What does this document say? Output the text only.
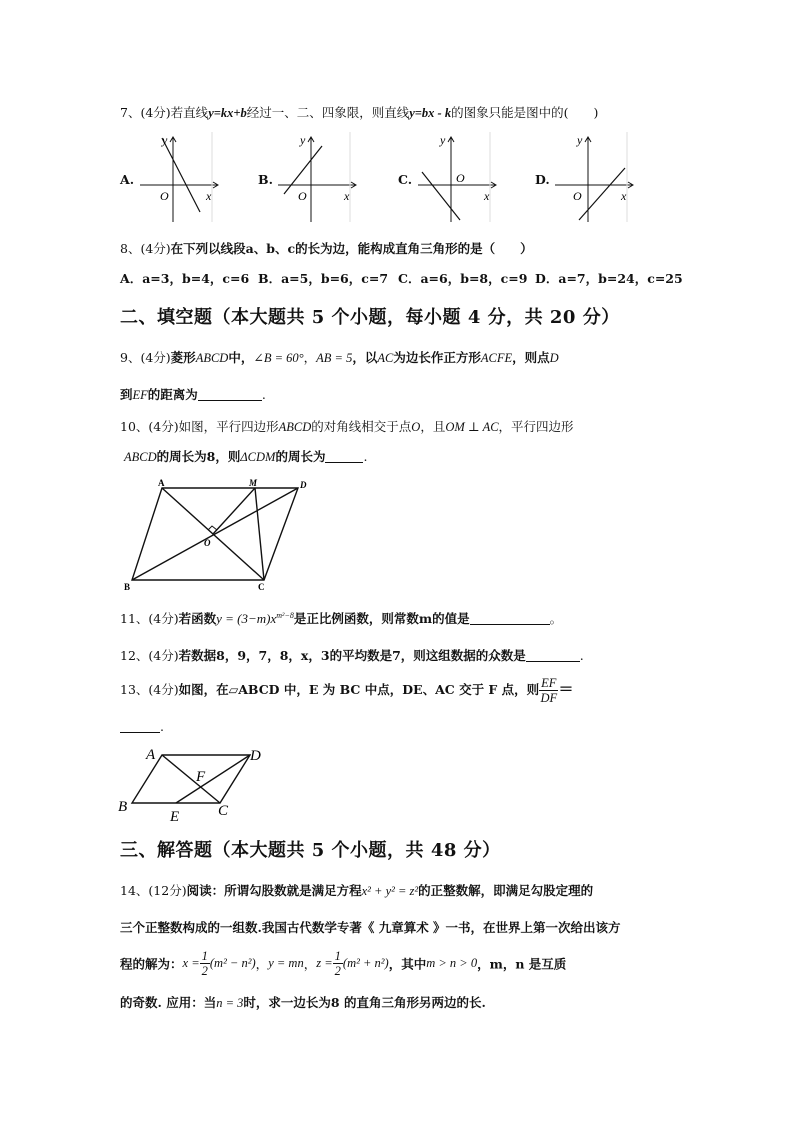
7、(4分)若直线y=kx+b经过一、二、四象限，则直线y=bx - k的图象只能是图中的(　　)
A.
y
O	x
B.
y
O	x
C.
y
O
x
D.
y
O	x
8、(4分)在下列以线段a、b、c的长为边，能构成直角三角形的是（　　）
A．a=3，b=4，c=6 B．a=5，b=6，c=7 C．a=6，b=8，c=9 D．a=7，b=24，c=25
二、填空题（本大题共 5 个小题，每小题 4 分，共 20 分）
9、(4分)菱形ABCD中，∠B = 60°，AB = 5，以AC为边长作正方形ACFE，则点D
到EF的距离为	.
10、(4分)如图，平行四边形ABCD的对角线相交于点O，且OM ⊥ AC，平行四边形
ABCD的周长为8，则ΔCDM的周长为	.
A	M	D
O
B	C
11、(4分)若函数$y = (3-m)x^{m^2-8}$是正比例函数，则常数m的值是	。
12、(4分)若数据8，9，7，8，x，3的平均数是7，则这组数据的众数是	.
13、(4分)如图，在▱ABCD 中，E 为 BC 中点，DE、AC 交于 F 点，则 $\frac{EF}{DF}$ ＝
.
A	D
F
B
E	C
三、解答题（本大题共 5 个小题，共 48 分）
14、(12分)阅读：所谓勾股数就是满足方程x² + y² = z²的正整数解，即满足勾股定理的
三个正整数构成的一组数.我国古代数学专著《 九章算术 》一书，在世界上第一次给出该方
程的解为：$x = \frac{1}{2} (m^2 - n^2)$，y = mn，$z = \frac{1}{2} (m^2 + n^2)$，其中m > n > 0，m，n 是互质
的奇数. 应用：当n = 3时，求一边长为8 的直角三角形另两边的长.
